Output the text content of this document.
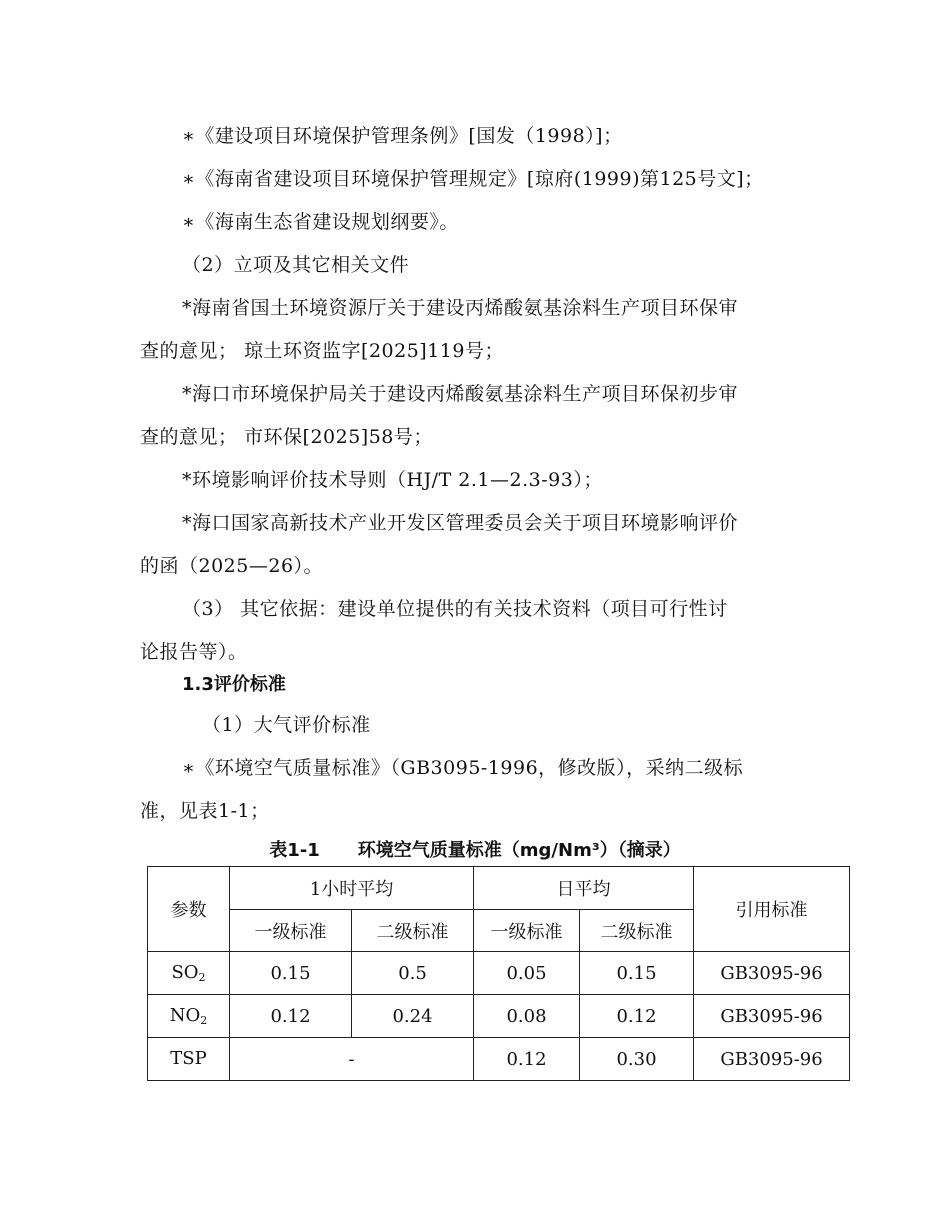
∗《建设项目环境保护管理条例》[国发（1998）]；
∗《海南省建设项目环境保护管理规定》[琼府(1999)第125号文]；
∗《海南生态省建设规划纲要》。
（2）立项及其它相关文件
*海南省国土环境资源厅关于建设丙烯酸氨基涂料生产项目环保审
查的意见； 琼土环资监字[2025]119号；
*海口市环境保护局关于建设丙烯酸氨基涂料生产项目环保初步审
查的意见； 市环保[2025]58号；
*环境影响评价技术导则（HJ/T 2.1—2.3-93）；
*海口国家高新技术产业开发区管理委员会关于项目环境影响评价
的函（2025—26）。
（3） 其它依据：建设单位提供的有关技术资料（项目可行性讨
论报告等）。
1.3评价标准
（1）大气评价标准
∗《环境空气质量标准》（GB3095-1996，修改版），采纳二级标
准，见表1-1；
表1-1 环境空气质量标准（mg/Nm³）（摘录）
参数	1小时平均		日平均		引用标准
	一级标准	二级标准	一级标准	二级标准	
$SO_2$	0.15	0.5	0.05	0.15	GB3095-96
$NO_2$	0.12	0.24	0.08	0.12	GB3095-96
TSP	-		0.12	0.30	GB3095-96
